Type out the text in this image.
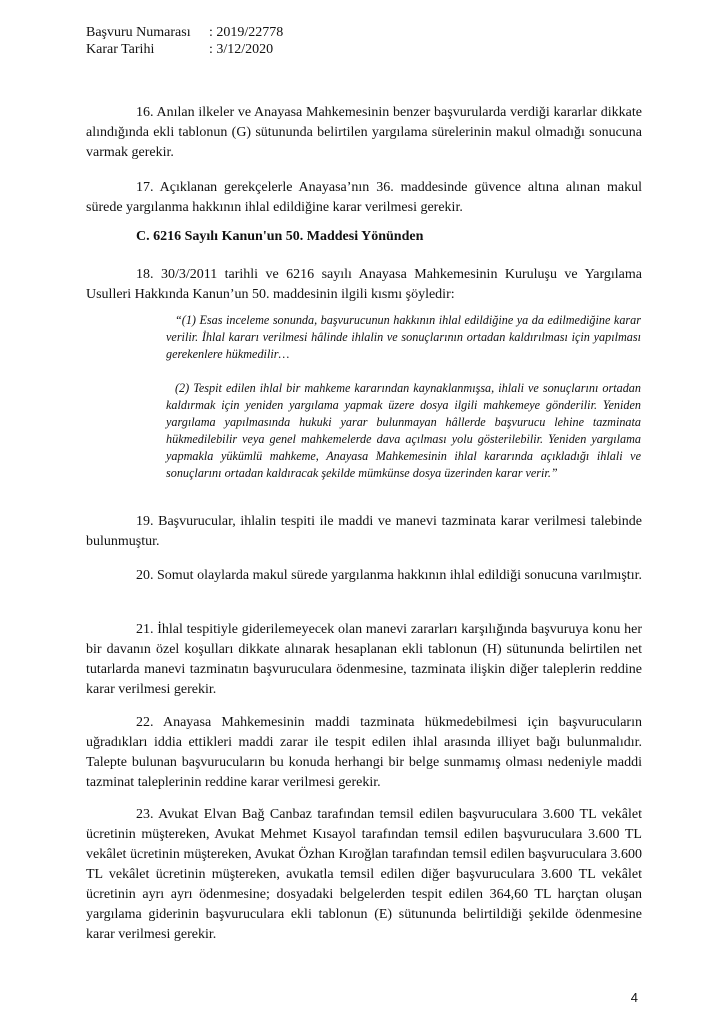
Başvuru Numarası	: 2019/22778
Karar Tarihi	: 3/12/2020
16. Anılan ilkeler ve Anayasa Mahkemesinin benzer başvurularda verdiği kararlar dikkate alındığında ekli tablonun (G) sütununda belirtilen yargılama sürelerinin makul olmadığı sonucuna varmak gerekir.
17. Açıklanan gerekçelerle Anayasa’nın 36. maddesinde güvence altına alınan makul sürede yargılanma hakkının ihlal edildiğine karar verilmesi gerekir.
C. 6216 Sayılı Kanun'un 50. Maddesi Yönünden
18. 30/3/2011 tarihli ve 6216 sayılı Anayasa Mahkemesinin Kuruluşu ve Yargılama Usulleri Hakkında Kanun’un 50. maddesinin ilgili kısmı şöyledir:
“(1) Esas inceleme sonunda, başvurucunun hakkının ihlal edildiğine ya da edilmediğine karar verilir. İhlal kararı verilmesi hâlinde ihlalin ve sonuçlarının ortadan kaldırılması için yapılması gerekenlere hükmedilir…
(2) Tespit edilen ihlal bir mahkeme kararından kaynaklanmışsa, ihlali ve sonuçlarını ortadan kaldırmak için yeniden yargılama yapmak üzere dosya ilgili mahkemeye gönderilir. Yeniden yargılama yapılmasında hukuki yarar bulunmayan hâllerde başvurucu lehine tazminata hükmedilebilir veya genel mahkemelerde dava açılması yolu gösterilebilir. Yeniden yargılama yapmakla yükümlü mahkeme, Anayasa Mahkemesinin ihlal kararında açıkladığı ihlali ve sonuçlarını ortadan kaldıracak şekilde mümkünse dosya üzerinden karar verir.”
19. Başvurucular, ihlalin tespiti ile maddi ve manevi tazminata karar verilmesi talebinde bulunmuştur.
20. Somut olaylarda makul sürede yargılanma hakkının ihlal edildiği sonucuna varılmıştır.
21. İhlal tespitiyle giderilemeyecek olan manevi zararları karşılığında başvuruya konu her bir davanın özel koşulları dikkate alınarak hesaplanan ekli tablonun (H) sütununda belirtilen net tutarlarda manevi tazminatın başvuruculara ödenmesine, tazminata ilişkin diğer taleplerin reddine karar verilmesi gerekir.
22. Anayasa Mahkemesinin maddi tazminata hükmedebilmesi için başvurucuların uğradıkları iddia ettikleri maddi zarar ile tespit edilen ihlal arasında illiyet bağı bulunmalıdır. Talepte bulunan başvurucuların bu konuda herhangi bir belge sunmamış olması nedeniyle maddi tazminat taleplerinin reddine karar verilmesi gerekir.
23. Avukat Elvan Bağ Canbaz tarafından temsil edilen başvuruculara 3.600 TL vekâlet ücretinin müştereken, Avukat Mehmet Kısayol tarafından temsil edilen başvuruculara 3.600 TL vekâlet ücretinin müştereken, Avukat Özhan Kıroğlan tarafından temsil edilen başvuruculara 3.600 TL vekâlet ücretinin müştereken, avukatla temsil edilen diğer başvuruculara 3.600 TL vekâlet ücretinin ayrı ayrı ödenmesine; dosyadaki belgelerden tespit edilen 364,60 TL harçtan oluşan yargılama giderinin başvuruculara ekli tablonun (E) sütununda belirtildiği şekilde ödenmesine karar verilmesi gerekir.
4
